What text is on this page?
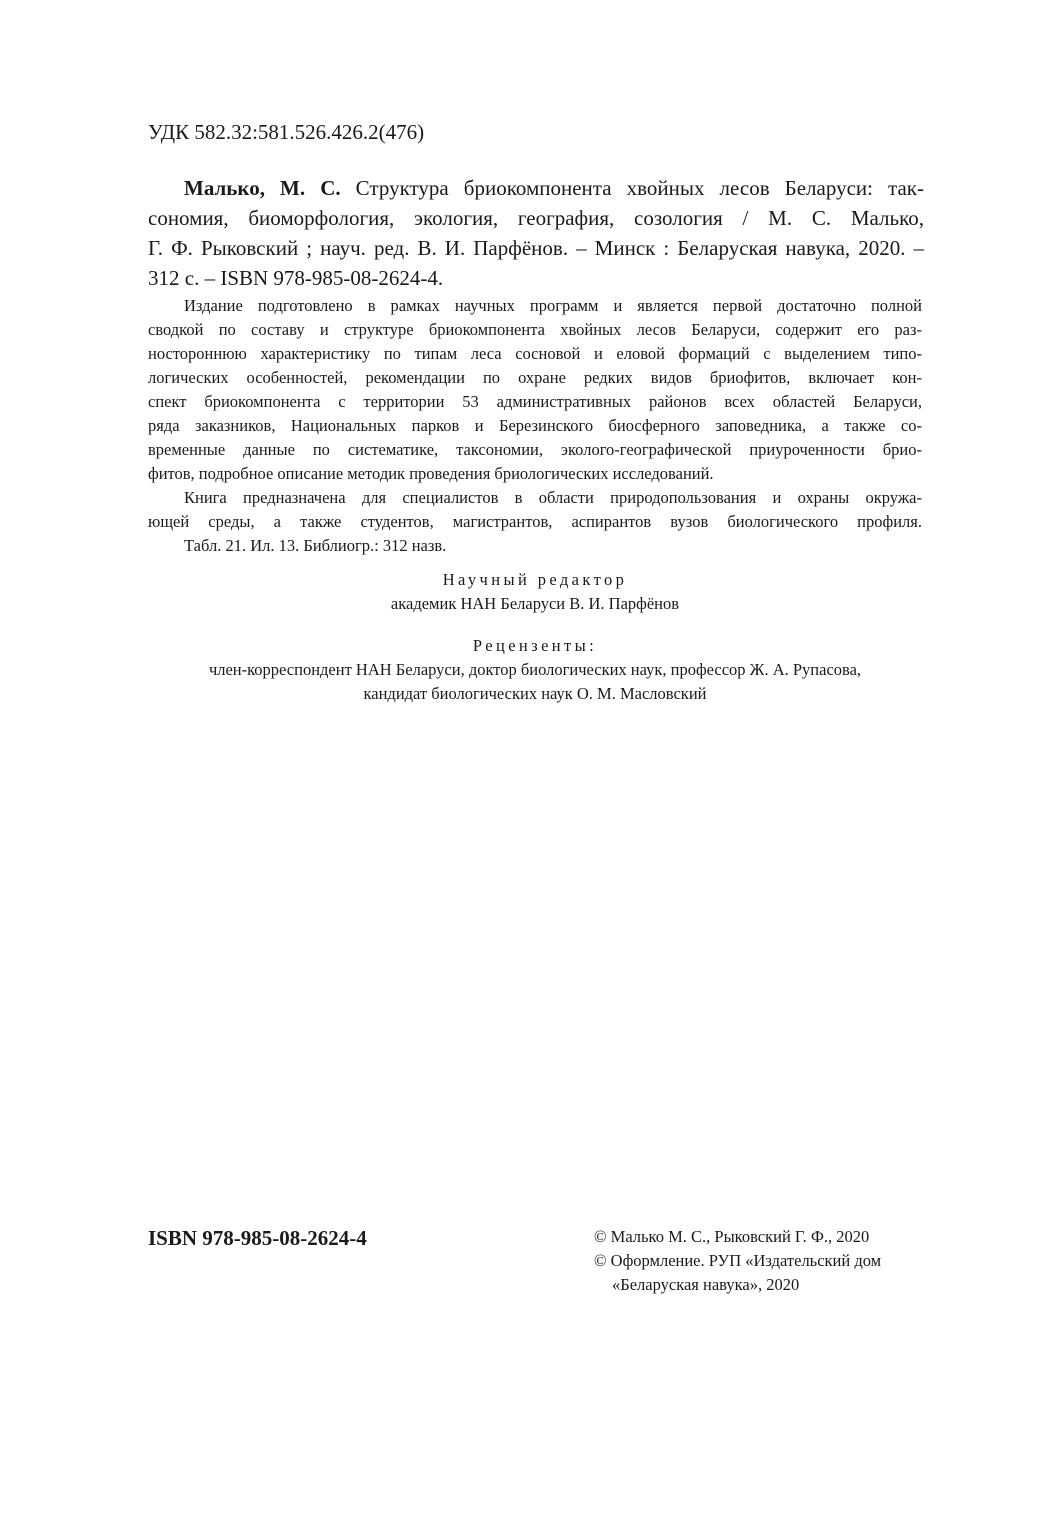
УДК 582.32:581.526.426.2(476)
Малько, М. С. Структура бриокомпонента хвойных лесов Беларуси: так-
сономия, биоморфология, экология, география, созология / М. С. Малько,
Г. Ф. Рыковский ; науч. ред. В. И. Парфёнов. – Минск : Беларуская навука, 2020. –
312 с. – ISBN 978-985-08-2624-4.
Издание подготовлено в рамках научных программ и является первой достаточно полной
сводкой по составу и структуре бриокомпонента хвойных лесов Беларуси, содержит его раз-
ностороннюю характеристику по типам леса сосновой и еловой формаций с выделением типо-
логических особенностей, рекомендации по охране редких видов бриофитов, включает кон-
спект бриокомпонента с территории 53 административных районов всех областей Беларуси,
ряда заказников, Национальных парков и Березинского биосферного заповедника, а также со-
временные данные по систематике, таксономии, эколого-географической приуроченности брио-
фитов, подробное описание методик проведения бриологических исследований.
Книга предназначена для специалистов в области природопользования и охраны окружа-
ющей среды, а также студентов, магистрантов, аспирантов вузов биологического профиля.
Табл. 21. Ил. 13. Библиогр.: 312 назв.
Научный редактор
академик НАН Беларуси В. И. Парфёнов
Рецензенты:
член-корреспондент НАН Беларуси, доктор биологических наук, профессор Ж. А. Рупасова,
кандидат биологических наук О. М. Масловский
ISBN 978-985-08-2624-4	© Малько М. С., Рыковский Г. Ф., 2020
© Оформление. РУП «Издательский дом
«Беларуская навука», 2020
